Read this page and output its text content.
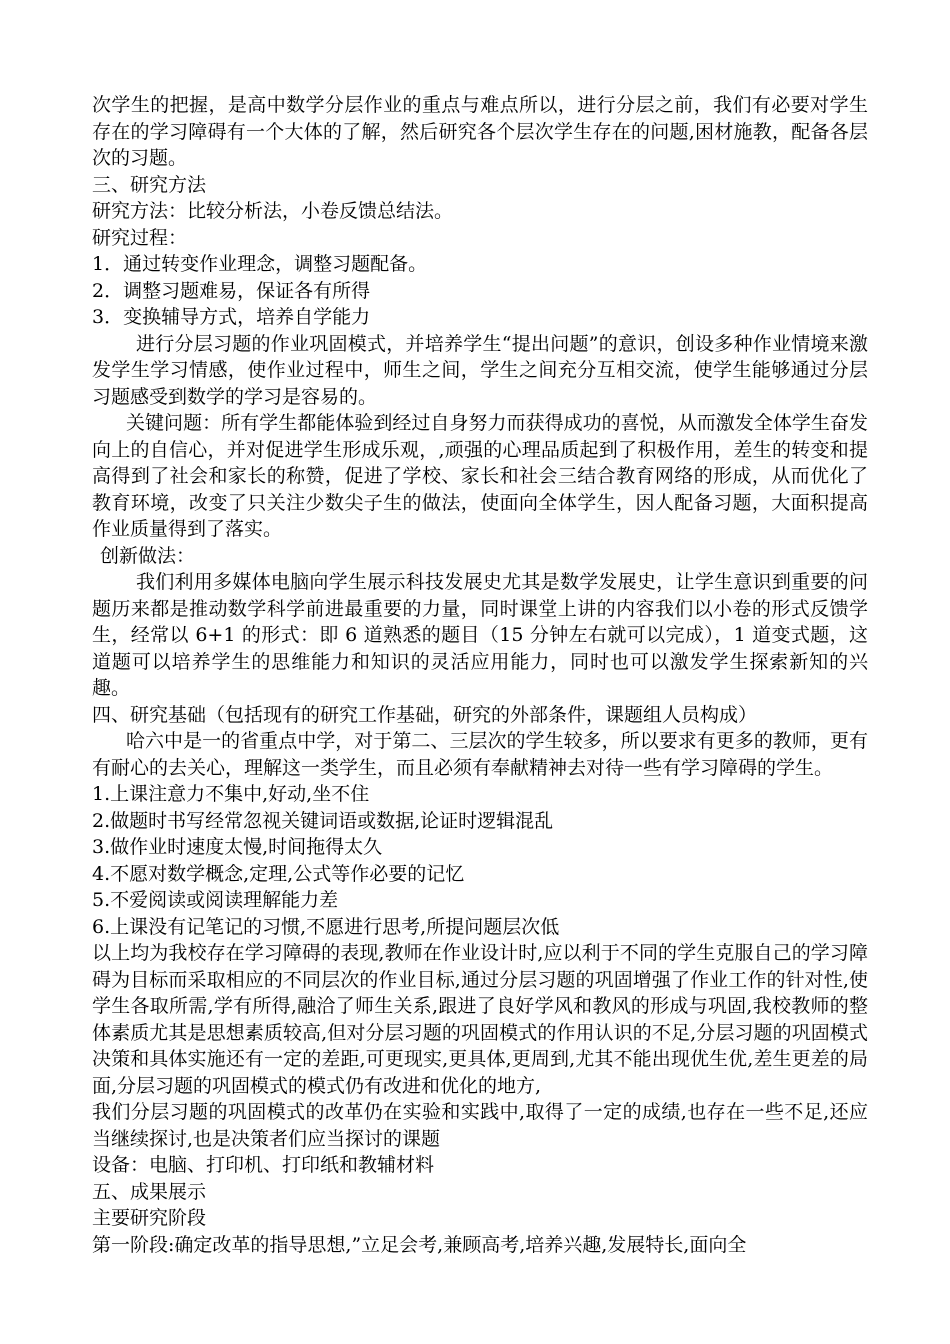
次学生的把握，是高中数学分层作业的重点与难点所以，进行分层之前，我们有必要对学生存在的学习障碍有一个大体的了解，然后研究各个层次学生存在的问题,困材施教，配备各层次的习题。

三、研究方法

研究方法：比较分析法，小卷反馈总结法。

研究过程：

1．通过转变作业理念，调整习题配备。

2．调整习题难易，保证各有所得

3．变换辅导方式，培养自学能力

进行分层习题的作业巩固模式，并培养学生“提出问题”的意识，创设多种作业情境来激发学生学习情感，使作业过程中，师生之间，学生之间充分互相交流，使学生能够通过分层习题感受到数学的学习是容易的。

关键问题：所有学生都能体验到经过自身努力而获得成功的喜悦，从而激发全体学生奋发向上的自信心，并对促进学生形成乐观，,顽强的心理品质起到了积极作用，差生的转变和提高得到了社会和家长的称赞，促进了学校、家长和社会三结合教育网络的形成，从而优化了教育环境，改变了只关注少数尖子生的做法，使面向全体学生，因人配备习题，大面积提高作业质量得到了落实。

创新做法：

我们利用多媒体电脑向学生展示科技发展史尤其是数学发展史，让学生意识到重要的问题历来都是推动数学科学前进最重要的力量，同时课堂上讲的内容我们以小卷的形式反馈学生，经常以 6+1 的形式：即 6 道熟悉的题目（15 分钟左右就可以完成），1 道变式题，这道题可以培养学生的思维能力和知识的灵活应用能力，同时也可以激发学生探索新知的兴趣。

四、研究基础（包括现有的研究工作基础，研究的外部条件，课题组人员构成）

哈六中是一的省重点中学，对于第二、三层次的学生较多，所以要求有更多的教师，更有有耐心的去关心，理解这一类学生，而且必须有奉献精神去对待一些有学习障碍的学生。

1.上课注意力不集中,好动,坐不住

2.做题时书写经常忽视关键词语或数据,论证时逻辑混乱

3.做作业时速度太慢,时间拖得太久

4.不愿对数学概念,定理,公式等作必要的记忆

5.不爱阅读或阅读理解能力差

6.上课没有记笔记的习惯,不愿进行思考,所提问题层次低

以上均为我校存在学习障碍的表现,教师在作业设计时,应以利于不同的学生克服自己的学习障碍为目标而采取相应的不同层次的作业目标,通过分层习题的巩固增强了作业工作的针对性,使学生各取所需,学有所得,融洽了师生关系,跟进了良好学风和教风的形成与巩固,我校教师的整体素质尤其是思想素质较高,但对分层习题的巩固模式的作用认识的不足,分层习题的巩固模式决策和具体实施还有一定的差距,可更现实,更具体,更周到,尤其不能出现优生优,差生更差的局面,分层习题的巩固模式的模式仍有改进和优化的地方,

我们分层习题的巩固模式的改革仍在实验和实践中,取得了一定的成绩,也存在一些不足,还应当继续探讨,也是决策者们应当探讨的课题

设备：电脑、打印机、打印纸和教辅材料

五、成果展示

主要研究阶段

第一阶段:确定改革的指导思想,”立足会考,兼顾高考,培养兴趣,发展特长,面向全
